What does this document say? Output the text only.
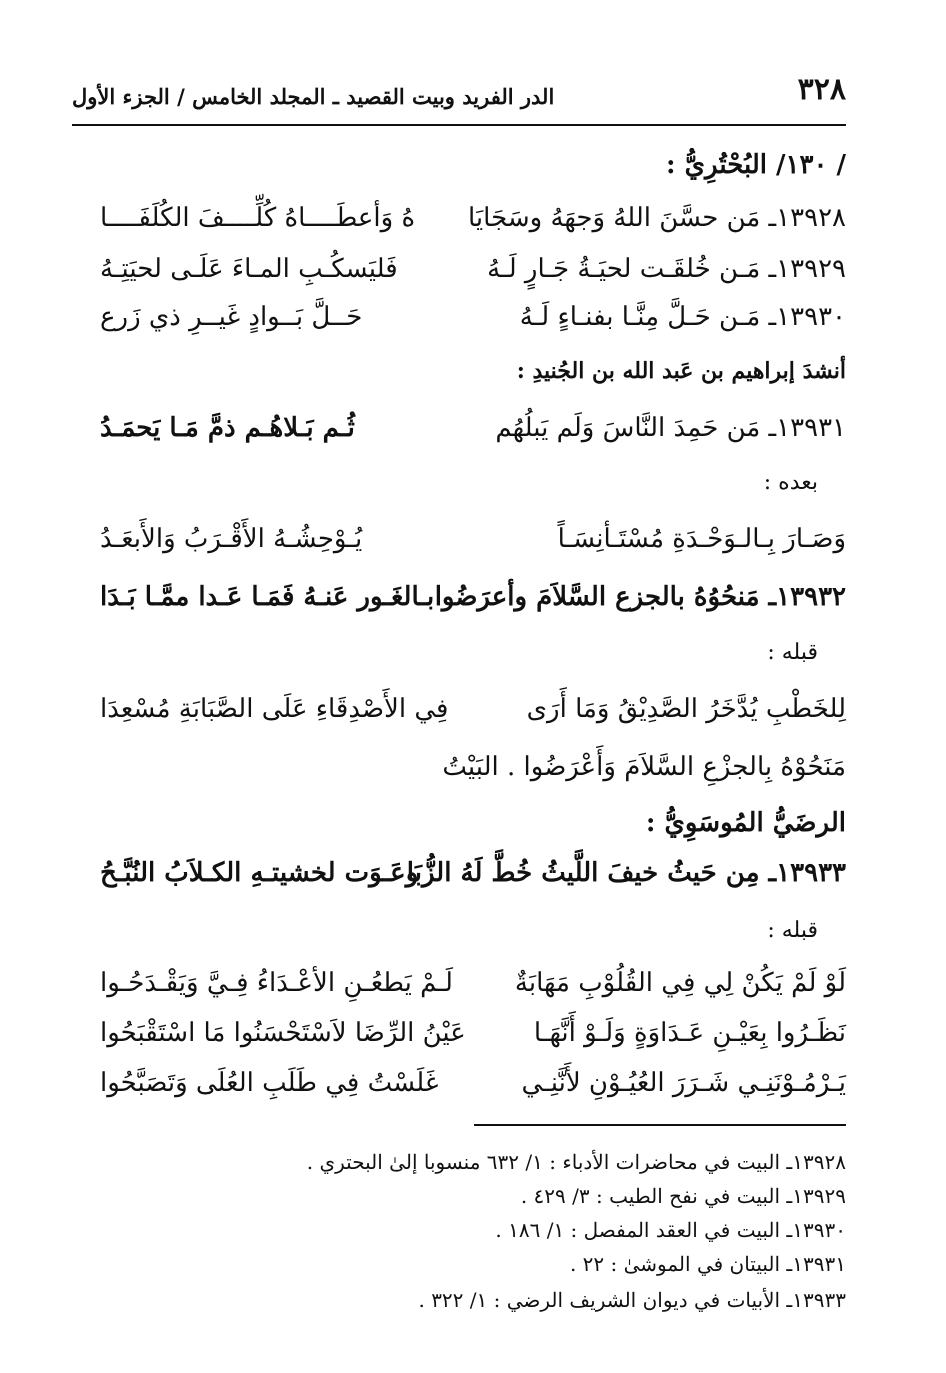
٣٢٨
الدر الفريد وبيت القصيد ـ المجلد الخامس / الجزء الأول
/ ١٣٠/ البُحْتُرِيُّ :
١٣٩٢٨ـ مَن حسَّنَ اللهُ وَجهَهُ وسَجَايَا
هُ وَأعطَــــاهُ كُلِّــــفَ الكُلَفَــــا
١٣٩٢٩ـ مَـن خُلقَـت لحيَـةُ جَـارٍ لَـهُ
فَليَسكُـبِ المـاءَ عَلَـى لحيَتِـهُ
١٣٩٣٠ـ مَـن حَـلَّ مِنَّـا بفنـاءٍ لَـهُ
حَــلَّ بَــوادٍ غَيــرِ ذي زَرع
أنشدَ إبراهيم بن عَبد الله بن الجُنيدِ :
١٣٩٣١ـ مَن حَمِدَ النَّاسَ وَلَم يَبلُهُم
ثُـم بَـلاهُـم ذمَّ مَـا يَحمَـدُ
بعده :
وَصَـارَ بِـالـوَحْـدَةِ مُسْتَـأنِسَـاً
يُـوْحِشُـهُ الأَقْـرَبُ وَالأَبعَـدُ
١٣٩٣٢ـ مَنحُوُهُ بالجزع السَّلاَمَ وأعرَضُوا
بـالغَـور عَنـهُ فَمَـا عَـدا ممَّـا بَـدَا
قبله :
لِلخَطْبِ يُدَّخَرُ الصَّدِيْقُ وَمَا أَرَى
فِي الأَصْدِقَاءِ عَلَى الصَّبَابَةِ مُسْعِدَا
مَنَحُوْهُ بِالجزْعِ السَّلاَمَ وَأَعْرَضُوا . البَيْتُ
الرضَيُّ المُوسَوِيُّ :
١٣٩٣٣ـ مِن حَيثُ خيفَ اللَّيثُ خُطَّ لَهُ الزُّبَا
وعَـوَت لخشيتـهِ الكـلاَبُ النُبَّـحُ
قبله :
لَوْ لَمْ يَكُنْ لِي فِي القُلُوْبِ مَهَابَةٌ
لَـمْ يَطعُـنِ الأعْـدَاءُ فِـيَّ وَيَقْـدَحُـوا
نَظَـرُوا بِعَيْـنِ عَـدَاوَةٍ وَلَـوْ أَنَّهَـا
عَيْنُ الرِّضَا لاَسْتَحْسَنُوا مَا اسْتَقْبَحُوا
يَـرْمُـوْنَنِـي شَـرَرَ العُيُـوْنِ لأَنَّنِـي
غَلَسْتُ فِي طَلَبِ العُلَى وَتَصَبَّحُوا
١٣٩٢٨ـ البيت في محاضرات الأدباء : ١/ ٦٣٢ منسوبا إلىٰ البحتري .
١٣٩٢٩ـ البيت في نفح الطيب : ٣/ ٤٢٩ .
١٣٩٣٠ـ البيت في العقد المفصل : ١/ ١٨٦ .
١٣٩٣١ـ البيتان في الموشىٰ : ٢٢ .
١٣٩٣٣ـ الأبيات في ديوان الشريف الرضي : ١/ ٣٢٢ .
